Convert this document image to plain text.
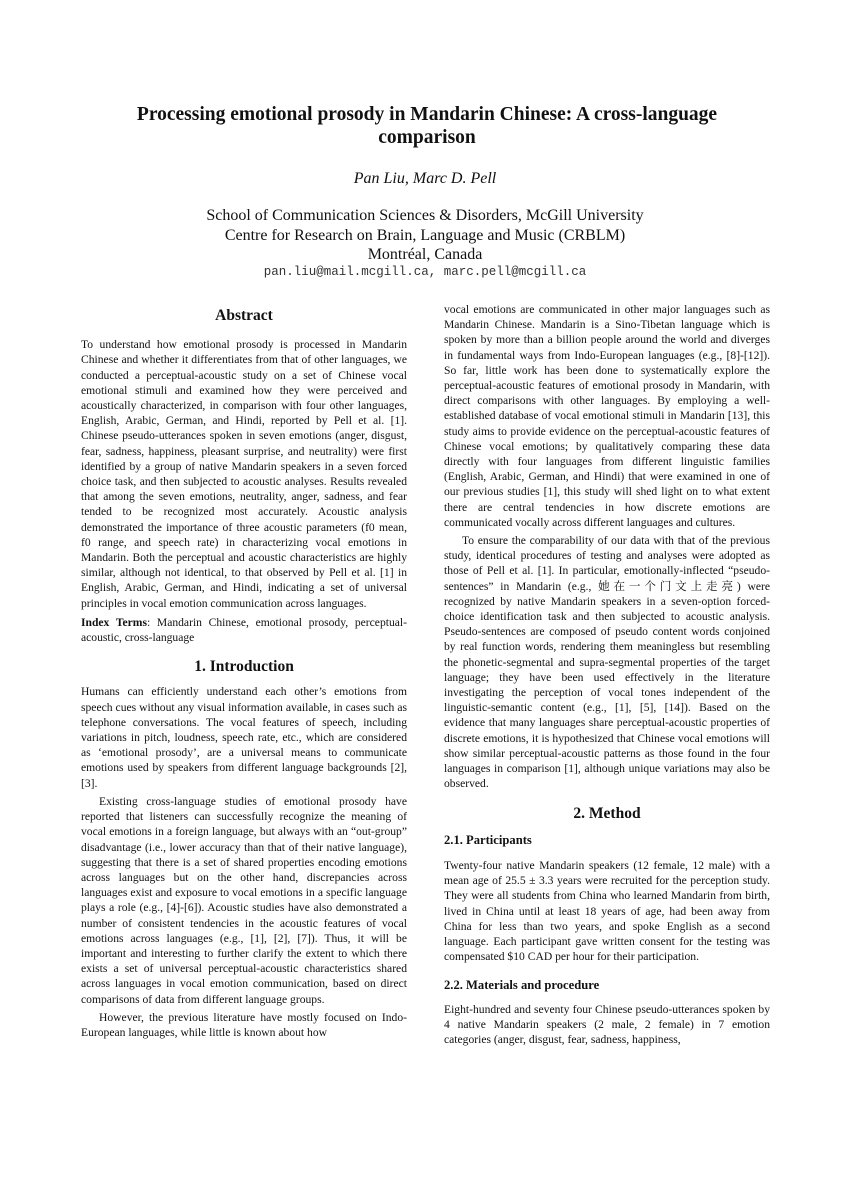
Processing emotional prosody in Mandarin Chinese: A cross-language comparison
Pan Liu, Marc D. Pell
School of Communication Sciences & Disorders, McGill University
Centre for Research on Brain, Language and Music (CRBLM)
Montréal, Canada
pan.liu@mail.mcgill.ca, marc.pell@mcgill.ca
Abstract

To understand how emotional prosody is processed in Mandarin Chinese and whether it differentiates from that of other languages, we conducted a perceptual-acoustic study on a set of Chinese vocal emotional stimuli and examined how they were perceived and acoustically characterized, in comparison with four other languages, English, Arabic, German, and Hindi, reported by Pell et al. [1]. Chinese pseudo-utterances spoken in seven emotions (anger, disgust, fear, sadness, happiness, pleasant surprise, and neutrality) were first identified by a group of native Mandarin speakers in a seven forced choice task, and then subjected to acoustic analyses. Results revealed that among the seven emotions, neutrality, anger, sadness, and fear tended to be recognized most accurately. Acoustic analysis demonstrated the importance of three acoustic parameters (f0 mean, f0 range, and speech rate) in characterizing vocal emotions in Mandarin. Both the perceptual and acoustic characteristics are highly similar, although not identical, to that observed by Pell et al. [1] in English, Arabic, German, and Hindi, indicating a set of universal principles in vocal emotion communication across languages.

Index Terms: Mandarin Chinese, emotional prosody, perceptual-acoustic, cross-language

1. Introduction

Humans can efficiently understand each other’s emotions from speech cues without any visual information available, in cases such as telephone conversations. The vocal features of speech, including variations in pitch, loudness, speech rate, etc., which are considered as ‘emotional prosody’, are a universal means to communicate emotions used by speakers from different language backgrounds [2], [3].

Existing cross-language studies of emotional prosody have reported that listeners can successfully recognize the meaning of vocal emotions in a foreign language, but always with an “out-group” disadvantage (i.e., lower accuracy than that of their native language), suggesting that there is a set of shared properties encoding emotions across languages but on the other hand, discrepancies across languages exist and exposure to vocal emotions in a specific language plays a role (e.g., [4]-[6]). Acoustic studies have also demonstrated a number of consistent tendencies in the acoustic features of vocal emotions across languages (e.g., [1], [2], [7]). Thus, it will be important and interesting to further clarify the extent to which there exists a set of universal perceptual-acoustic characteristics shared across languages in vocal emotion communication, based on direct comparisons of data from different language groups.

However, the previous literature have mostly focused on Indo-European languages, while little is known about how

vocal emotions are communicated in other major languages such as Mandarin Chinese. Mandarin is a Sino-Tibetan language which is spoken by more than a billion people around the world and diverges in fundamental ways from Indo-European languages (e.g., [8]-[12]). So far, little work has been done to systematically explore the perceptual-acoustic features of emotional prosody in Mandarin, with direct comparisons with other languages. By employing a well-established database of vocal emotional stimuli in Mandarin [13], this study aims to provide evidence on the perceptual-acoustic features of Chinese vocal emotions; by qualitatively comparing these data directly with four languages from different linguistic families (English, Arabic, German, and Hindi) that were examined in one of our previous studies [1], this study will shed light on to what extent there are central tendencies in how discrete emotions are communicated vocally across different languages and cultures.

To ensure the comparability of our data with that of the previous study, identical procedures of testing and analyses were adopted as those of Pell et al. [1]. In particular, emotionally-inflected “pseudo-sentences” in Mandarin (e.g., 她在一个门文上走亮) were recognized by native Mandarin speakers in a seven-option forced-choice identification task and then subjected to acoustic analysis. Pseudo-sentences are composed of pseudo content words conjoined by real function words, rendering them meaningless but resembling the phonetic-segmental and supra-segmental properties of the target language; they have been used effectively in the literature investigating the perception of vocal tones independent of the linguistic-semantic content (e.g., [1], [5], [14]). Based on the evidence that many languages share perceptual-acoustic properties of discrete emotions, it is hypothesized that Chinese vocal emotions will show similar perceptual-acoustic patterns as those found in the four languages in comparison [1], although unique variations may also be observed.

2. Method
2.1. Participants

Twenty-four native Mandarin speakers (12 female, 12 male) with a mean age of 25.5 ± 3.3 years were recruited for the perception study. They were all students from China who learned Mandarin from birth, lived in China until at least 18 years of age, had been away from China for less than two years, and spoke English as a second language. Each participant gave written consent for the testing was compensated $10 CAD per hour for their participation.

2.2. Materials and procedure

Eight-hundred and seventy four Chinese pseudo-utterances spoken by 4 native Mandarin speakers (2 male, 2 female) in 7 emotion categories (anger, disgust, fear, sadness, happiness,
